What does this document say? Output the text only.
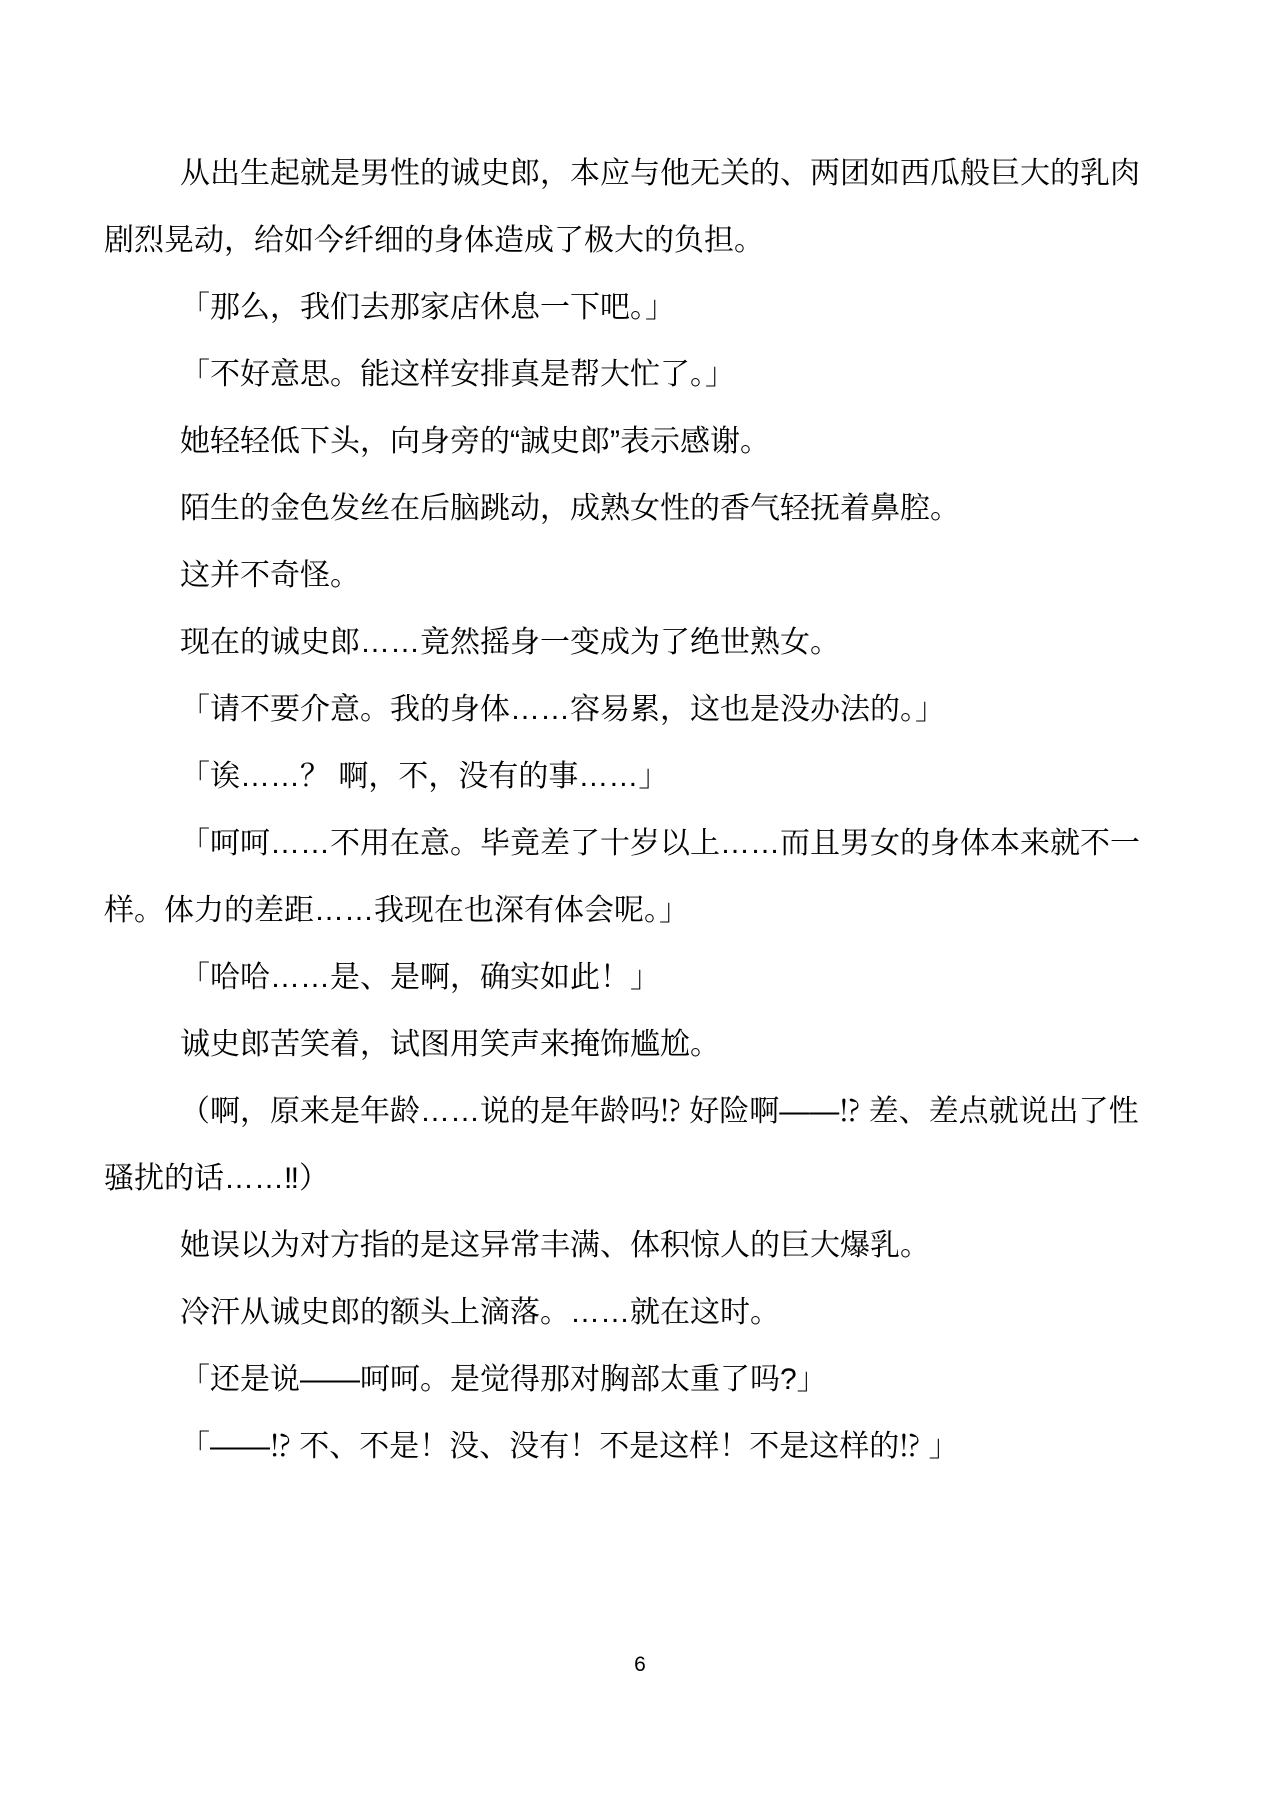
从出生起就是男性的诚史郎，本应与他无关的、两团如西瓜般巨大的乳肉
剧烈晃动，给如今纤细的身体造成了极大的负担。
「那么，我们去那家店休息一下吧。」
「不好意思。能这样安排真是帮大忙了。」
她轻轻低下头，向身旁的“誠史郎”表示感谢。
陌生的金色发丝在后脑跳动，成熟女性的香气轻抚着鼻腔。
这并不奇怪。
现在的诚史郎……竟然摇身一变成为了绝世熟女。
「请不要介意。我的身体……容易累，这也是没办法的。」
「诶……？ 啊，不，没有的事……」
「呵呵……不用在意。毕竟差了十岁以上……而且男女的身体本来就不一
样。体力的差距……我现在也深有体会呢。」
「哈哈……是、是啊，确实如此！」
诚史郎苦笑着，试图用笑声来掩饰尴尬。
（啊，原来是年龄……说的是年龄吗⁉ 好险啊——⁉ 差、差点就说出了性
骚扰的话……‼）
她误以为对方指的是这异常丰满、体积惊人的巨大爆乳。
冷汗从诚史郎的额头上滴落。……就在这时。
「还是说——呵呵。是觉得那对胸部太重了吗?」
「——⁉ 不、不是！没、没有！不是这样！不是这样的⁉ 」
6
